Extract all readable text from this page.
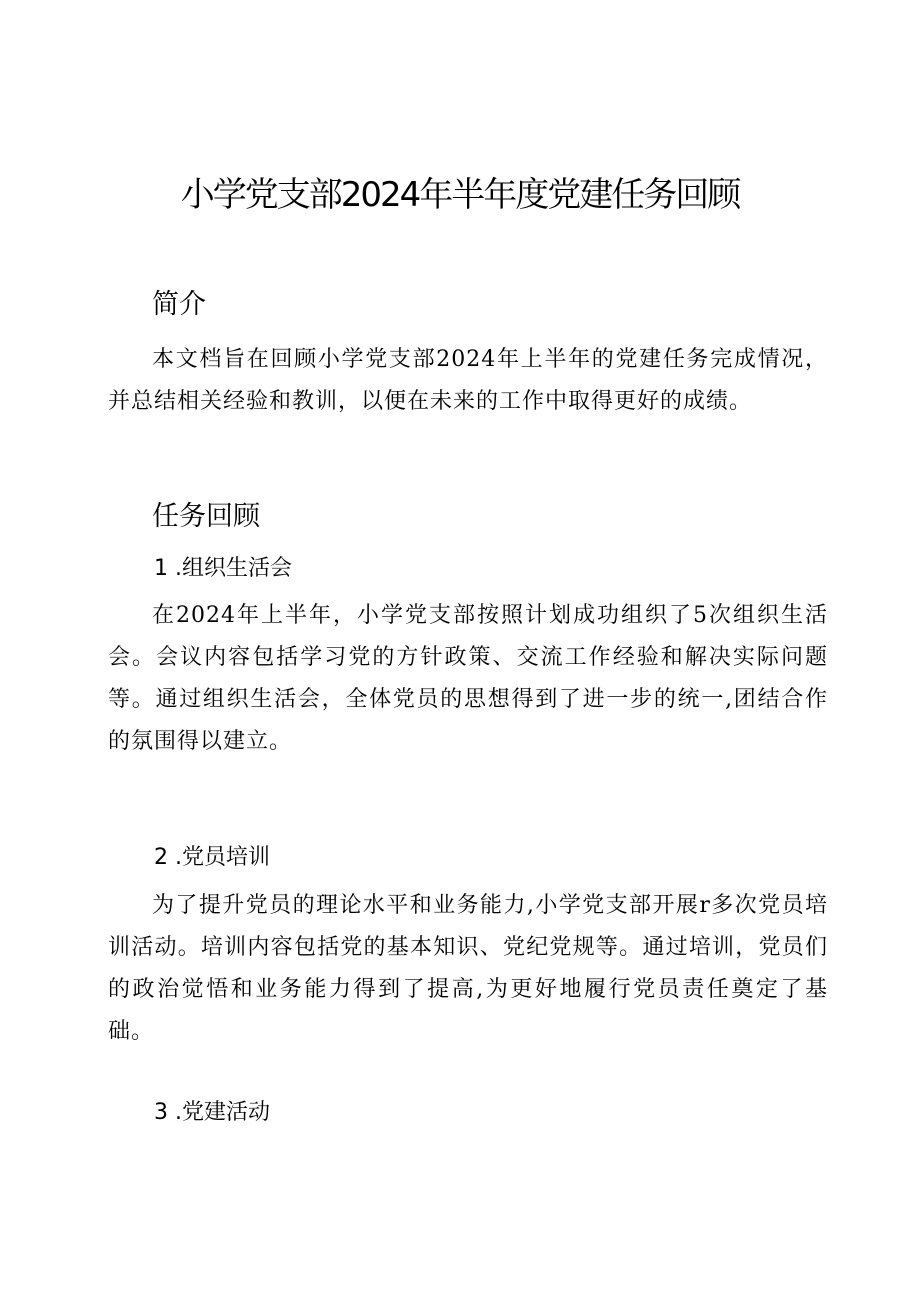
小学党支部2024年半年度党建任务回顾
简介

本文档旨在回顾小学党支部2024年上半年的党建任务完成情况，并总结相关经验和教训，以便在未来的工作中取得更好的成绩。

任务回顾
1 .组织生活会

在2024年上半年，小学党支部按照计划成功组织了5次组织生活会。会议内容包括学习党的方针政策、交流工作经验和解决实际问题等。通过组织生活会，全体党员的思想得到了进一步的统一,团结合作的氛围得以建立。

2 .党员培训

为了提升党员的理论水平和业务能力,小学党支部开展r多次党员培训活动。培训内容包括党的基本知识、党纪党规等。通过培训，党员们的政治觉悟和业务能力得到了提高,为更好地履行党员责任奠定了基础。

3 .党建活动
